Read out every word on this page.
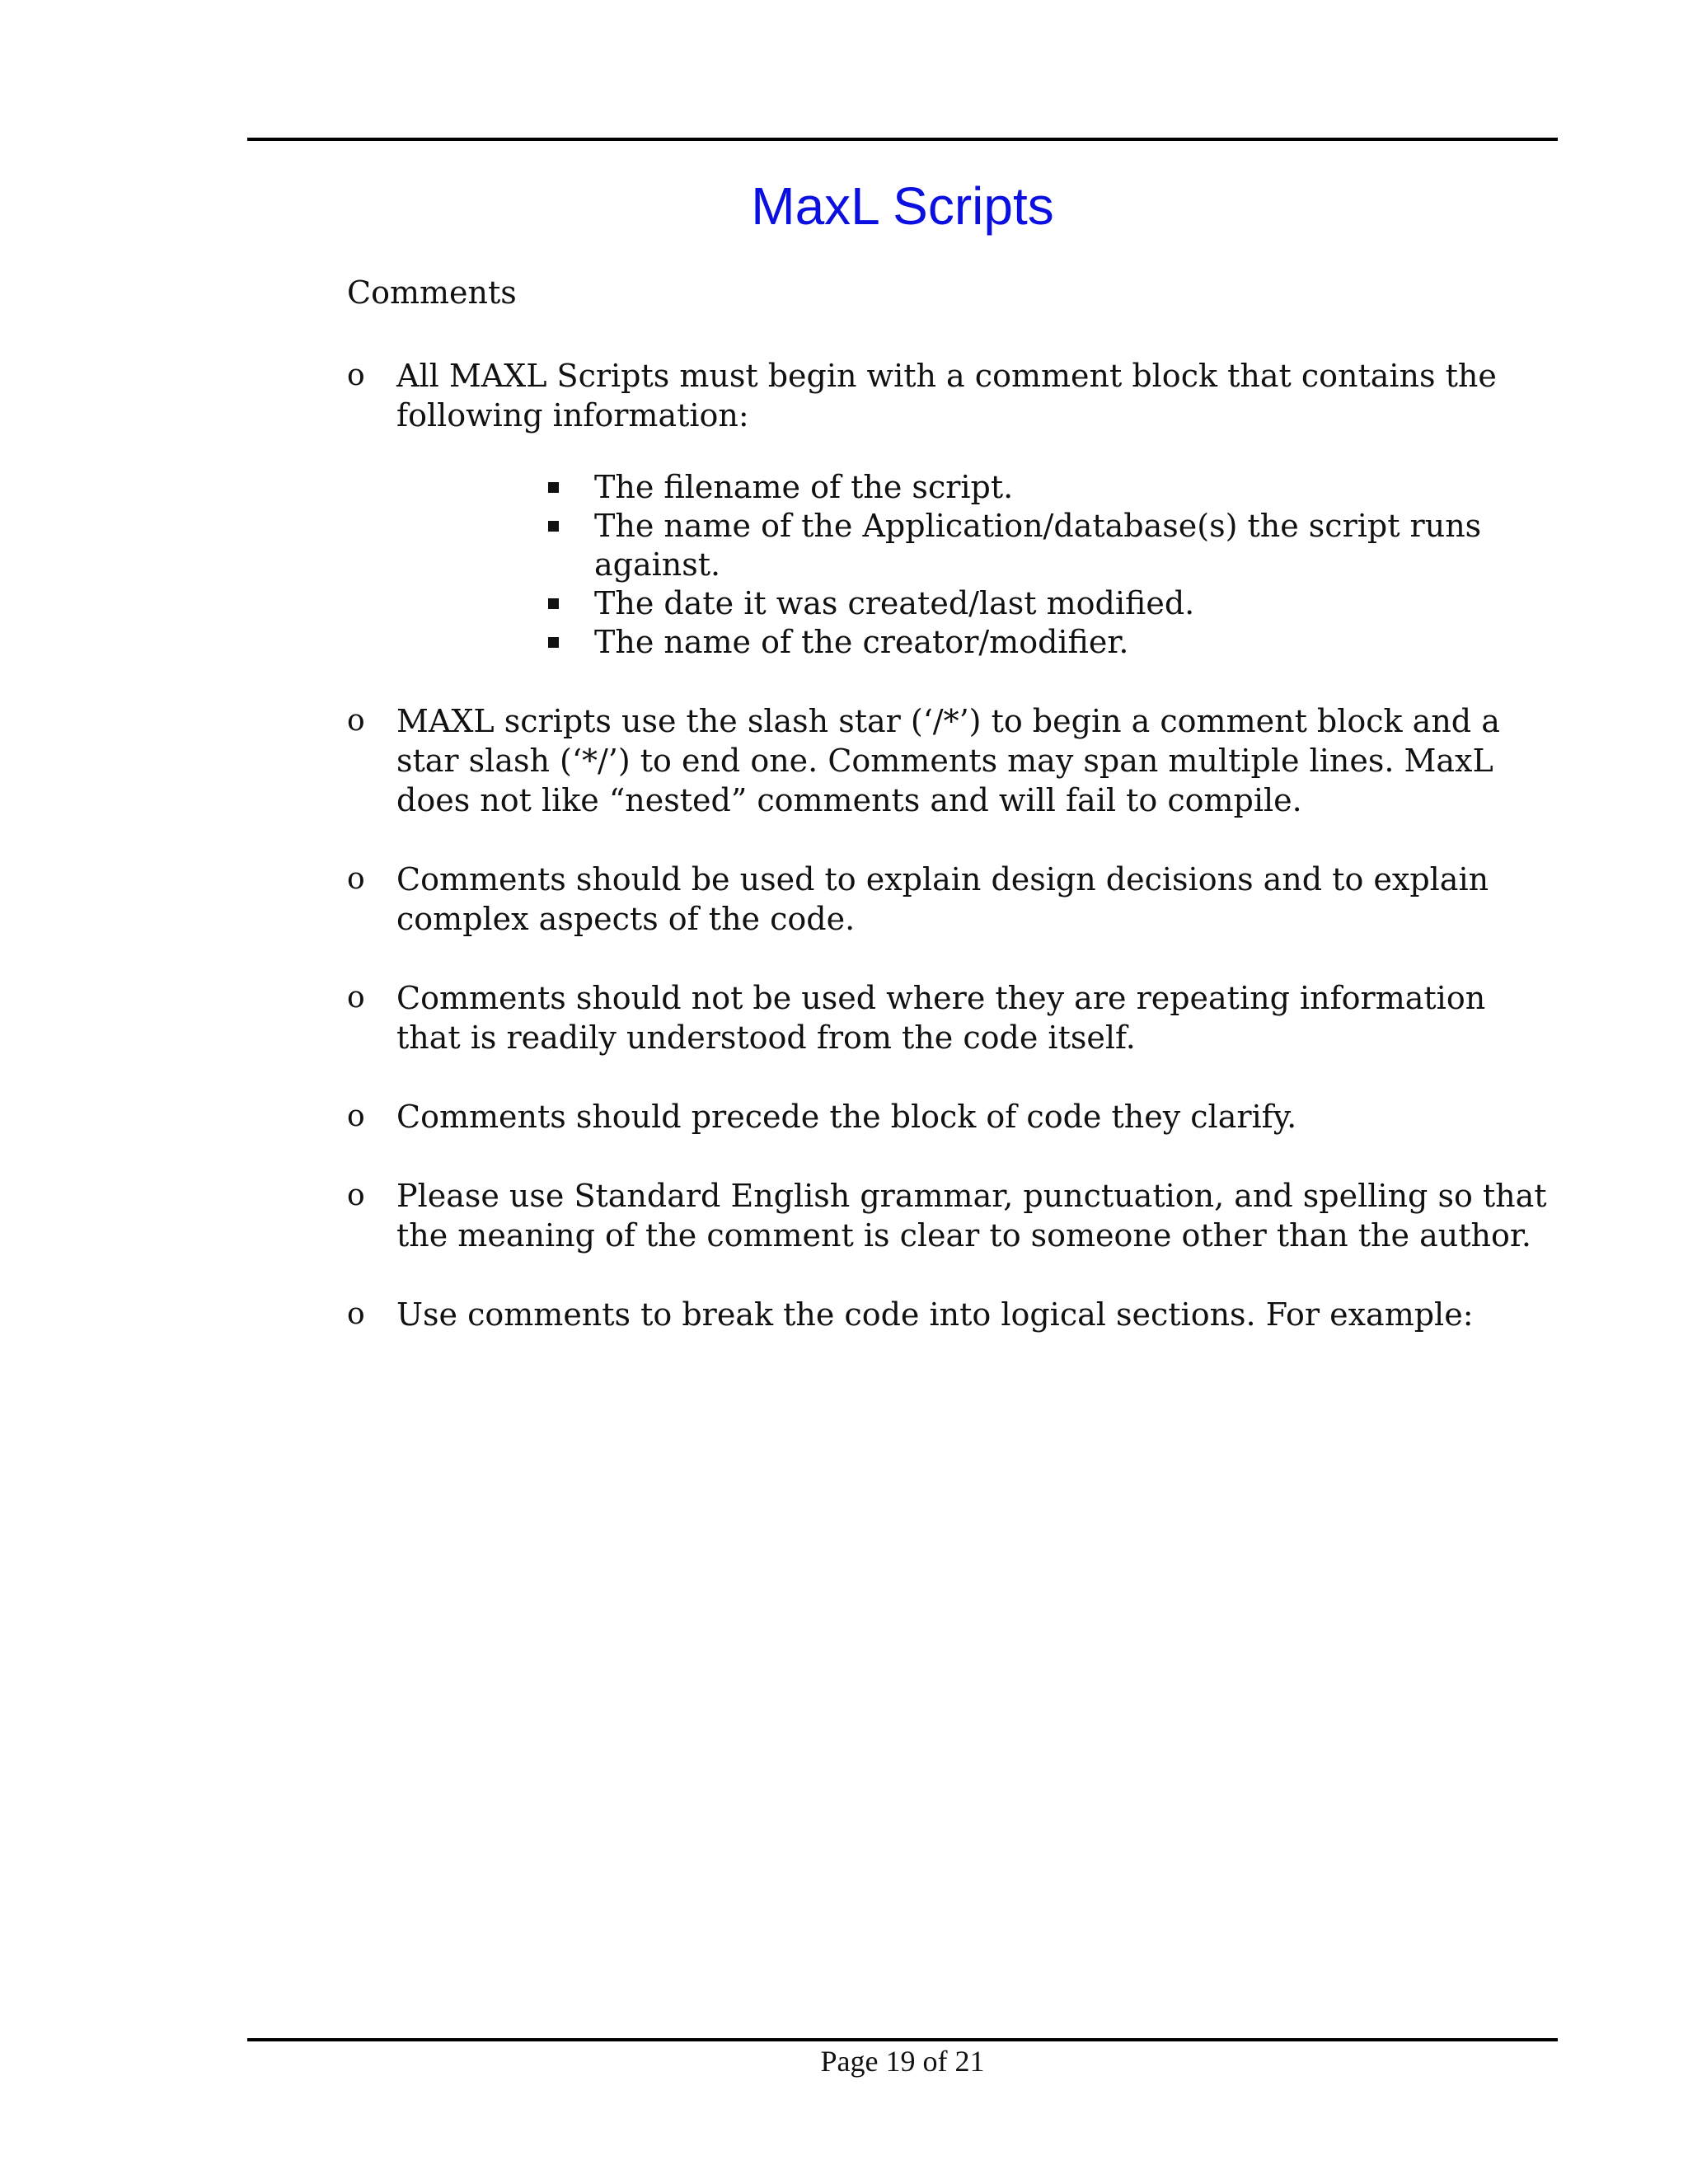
MaxL Scripts
Comments
o	All MAXL Scripts must begin with a comment block that contains the following information:
The filename of the script.
The name of the Application/database(s) the script runs against.
The date it was created/last modified.
The name of the creator/modifier.
o	MAXL scripts use the slash star (‘/*’) to begin a comment block and a star slash (‘*/’) to end one. Comments may span multiple lines. MaxL does not like “nested” comments and will fail to compile.
o	Comments should be used to explain design decisions and to explain complex aspects of the code.
o	Comments should not be used where they are repeating information that is readily understood from the code itself.
o	Comments should precede the block of code they clarify.
o	Please use Standard English grammar, punctuation, and spelling so that the meaning of the comment is clear to someone other than the author.
o	Use comments to break the code into logical sections. For example:

Page 19 of 21
